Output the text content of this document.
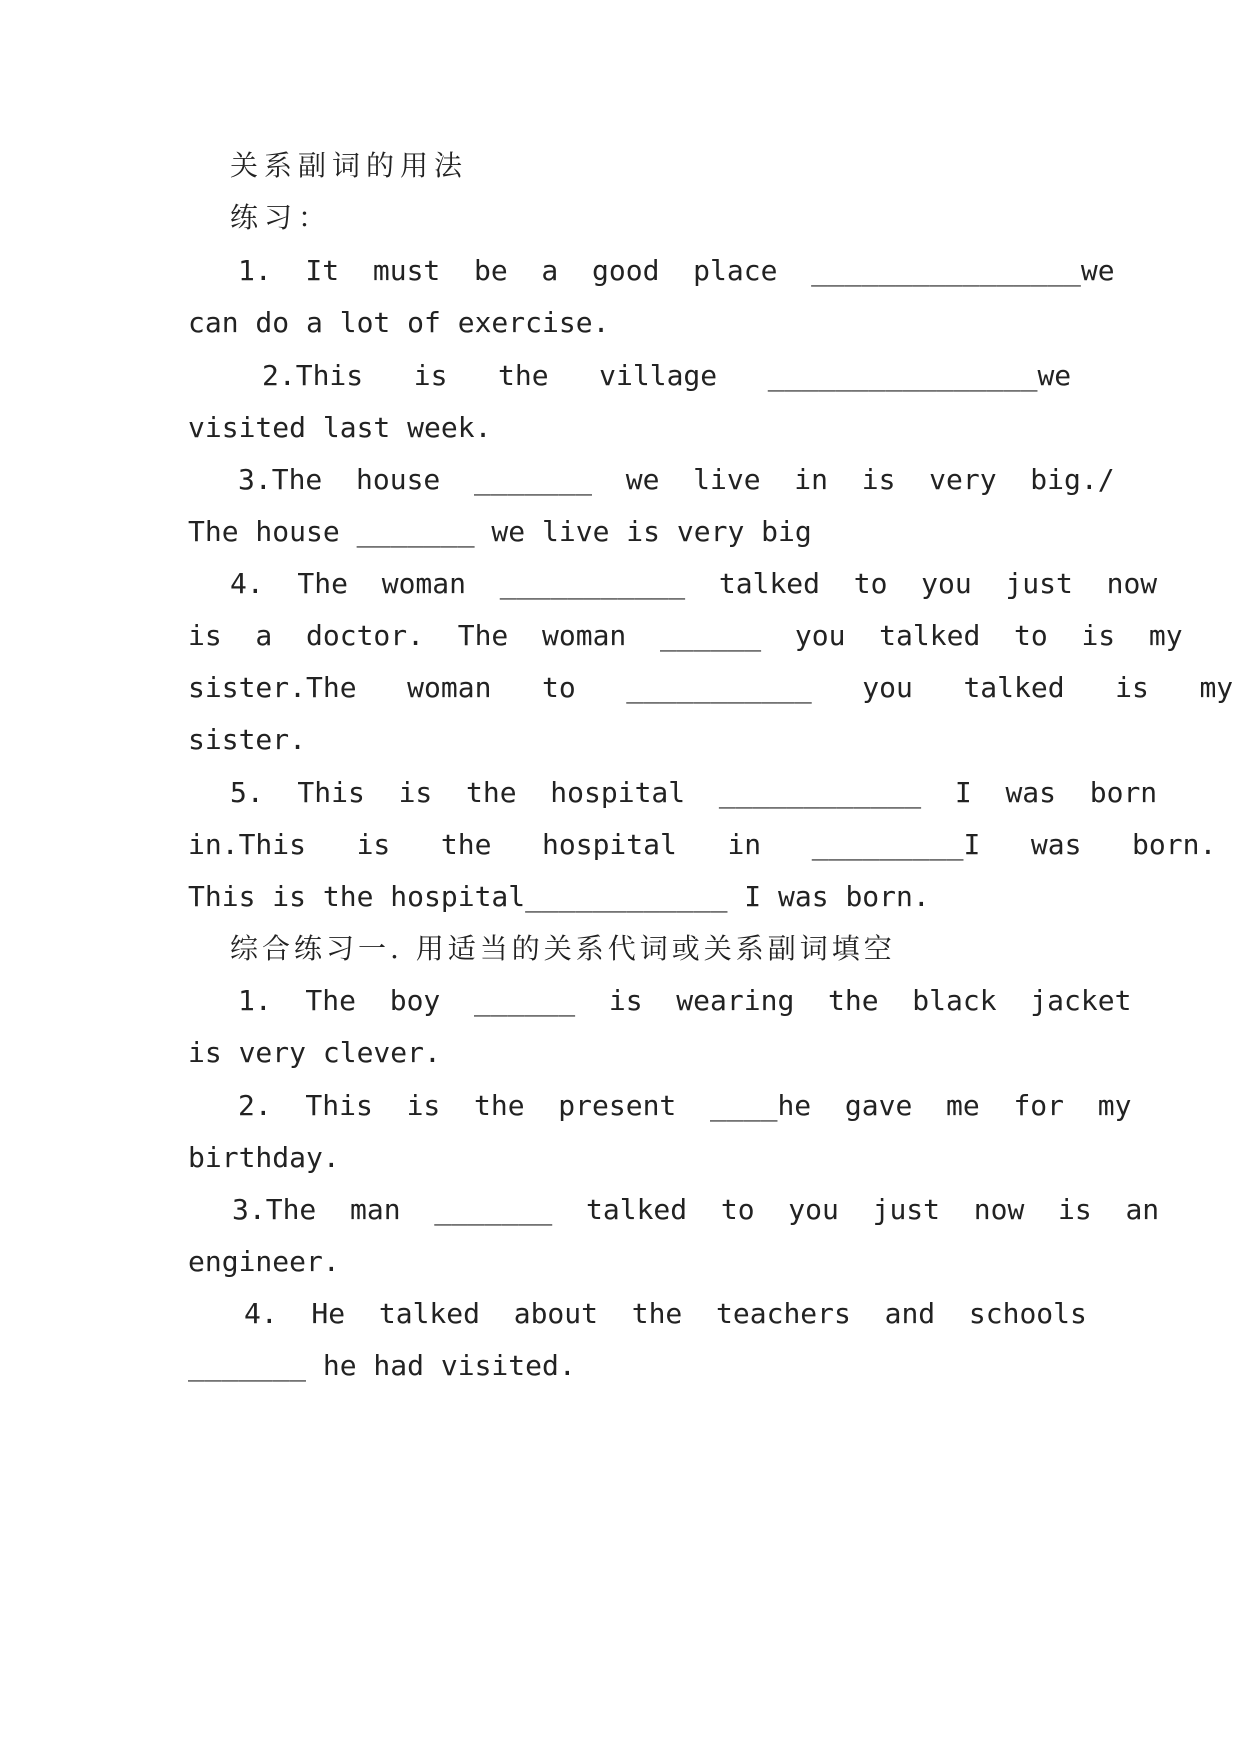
关系副词的用法
练习：
1.  It  must  be  a  good  place  ________________we
can do a lot of exercise.
2.This   is   the   village   ________________we
visited last week.
3.The  house  _______  we  live  in  is  very  big./
The house _______ we live is very big
4.  The  woman  ___________  talked  to  you  just  now
is  a  doctor.  The  woman  ______  you  talked  to  is  my
sister.The   woman   to   ___________   you   talked   is   my
sister.
5.  This  is  the  hospital  ____________  I  was  born
in.This   is   the   hospital   in   _________I   was   born.
This is the hospital____________ I was born.
综合练习一. 用适当的关系代词或关系副词填空
1.  The  boy  ______  is  wearing  the  black  jacket
is very clever.
2.  This  is  the  present  ____he  gave  me  for  my
birthday.
3.The  man  _______  talked  to  you  just  now  is  an
engineer.
4.  He  talked  about  the  teachers  and  schools
_______ he had visited.
